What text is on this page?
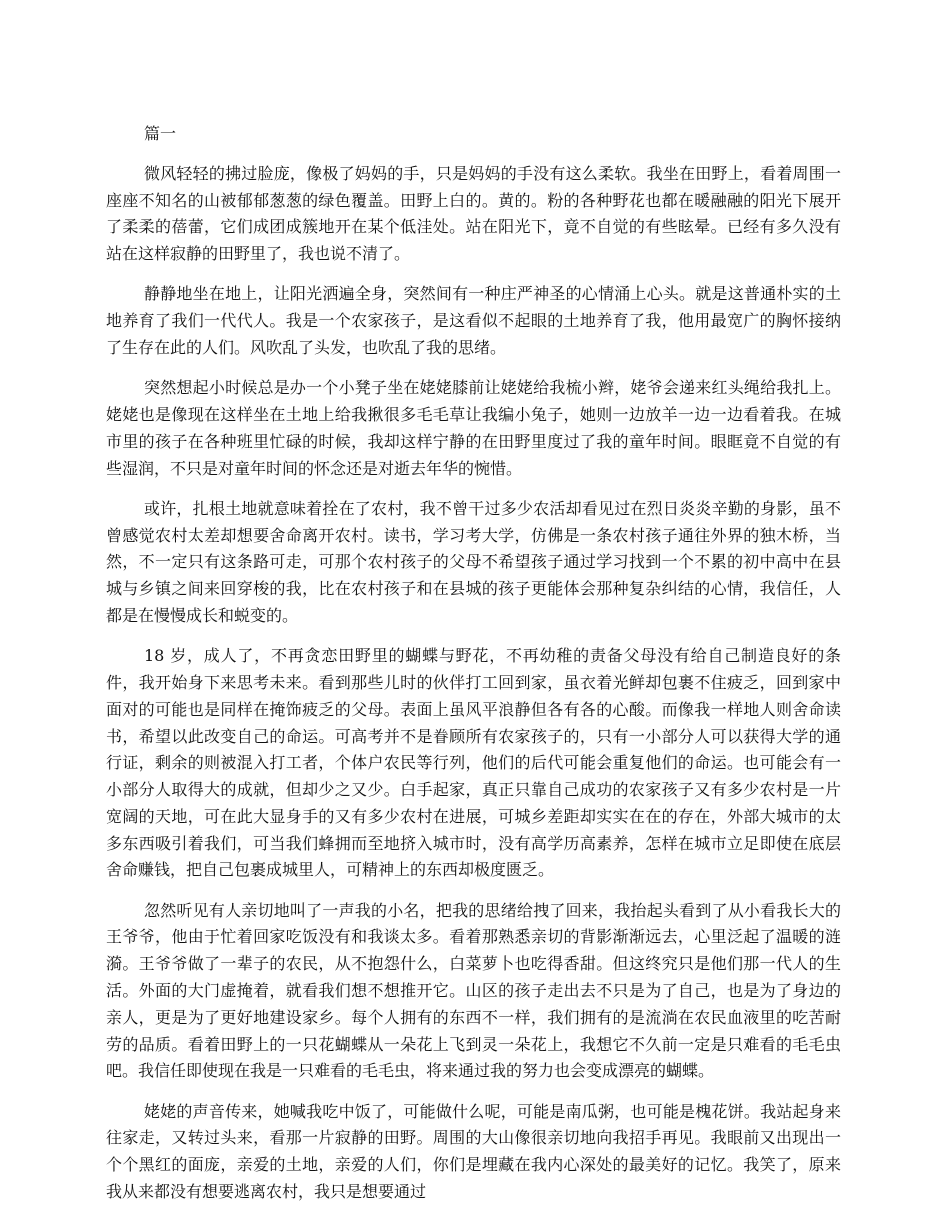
篇一

微风轻轻的拂过脸庞，像极了妈妈的手，只是妈妈的手没有这么柔软。我坐在田野上，看着周围一座座不知名的山被郁郁葱葱的绿色覆盖。田野上白的。黄的。粉的各种野花也都在暖融融的阳光下展开了柔柔的蓓蕾，它们成团成簇地开在某个低洼处。站在阳光下，竟不自觉的有些眩晕。已经有多久没有站在这样寂静的田野里了，我也说不清了。

静静地坐在地上，让阳光洒遍全身，突然间有一种庄严神圣的心情涌上心头。就是这普通朴实的土地养育了我们一代代人。我是一个农家孩子，是这看似不起眼的土地养育了我，他用最宽广的胸怀接纳了生存在此的人们。风吹乱了头发，也吹乱了我的思绪。

突然想起小时候总是办一个小凳子坐在姥姥膝前让姥姥给我梳小辫，姥爷会递来红头绳给我扎上。姥姥也是像现在这样坐在土地上给我揪很多毛毛草让我编小兔子，她则一边放羊一边一边看着我。在城市里的孩子在各种班里忙碌的时候，我却这样宁静的在田野里度过了我的童年时间。眼眶竟不自觉的有些湿润，不只是对童年时间的怀念还是对逝去年华的惋惜。

或许，扎根土地就意味着拴在了农村，我不曾干过多少农活却看见过在烈日炎炎辛勤的身影，虽不曾感觉农村太差却想要舍命离开农村。读书，学习考大学，仿佛是一条农村孩子通往外界的独木桥，当然，不一定只有这条路可走，可那个农村孩子的父母不希望孩子通过学习找到一个不累的初中高中在县城与乡镇之间来回穿梭的我，比在农村孩子和在县城的孩子更能体会那种复杂纠结的心情，我信任，人都是在慢慢成长和蜕变的。

18 岁，成人了，不再贪恋田野里的蝴蝶与野花，不再幼稚的责备父母没有给自己制造良好的条件，我开始身下来思考未来。看到那些儿时的伙伴打工回到家，虽衣着光鲜却包裹不住疲乏，回到家中面对的可能也是同样在掩饰疲乏的父母。表面上虽风平浪静但各有各的心酸。而像我一样地人则舍命读书，希望以此改变自己的命运。可高考并不是眷顾所有农家孩子的，只有一小部分人可以获得大学的通行证，剩余的则被混入打工者，个体户农民等行列，他们的后代可能会重复他们的命运。也可能会有一小部分人取得大的成就，但却少之又少。白手起家，真正只靠自己成功的农家孩子又有多少农村是一片宽阔的天地，可在此大显身手的又有多少农村在进展，可城乡差距却实实在在的存在，外部大城市的太多东西吸引着我们，可当我们蜂拥而至地挤入城市时，没有高学历高素养，怎样在城市立足即使在底层舍命赚钱，把自己包裹成城里人，可精神上的东西却极度匮乏。

忽然听见有人亲切地叫了一声我的小名，把我的思绪给拽了回来，我抬起头看到了从小看我长大的王爷爷，他由于忙着回家吃饭没有和我谈太多。看着那熟悉亲切的背影渐渐远去，心里泛起了温暖的涟漪。王爷爷做了一辈子的农民，从不抱怨什么，白菜萝卜也吃得香甜。但这终究只是他们那一代人的生活。外面的大门虚掩着，就看我们想不想推开它。山区的孩子走出去不只是为了自己，也是为了身边的亲人，更是为了更好地建设家乡。每个人拥有的东西不一样，我们拥有的是流淌在农民血液里的吃苦耐劳的品质。看着田野上的一只花蝴蝶从一朵花上飞到灵一朵花上，我想它不久前一定是只难看的毛毛虫吧。我信任即使现在我是一只难看的毛毛虫，将来通过我的努力也会变成漂亮的蝴蝶。

姥姥的声音传来，她喊我吃中饭了，可能做什么呢，可能是南瓜粥，也可能是槐花饼。我站起身来往家走，又转过头来，看那一片寂静的田野。周围的大山像很亲切地向我招手再见。我眼前又出现出一个个黑红的面庞，亲爱的土地，亲爱的人们，你们是埋藏在我内心深处的最美好的记忆。我笑了，原来我从来都没有想要逃离农村，我只是想要通过
